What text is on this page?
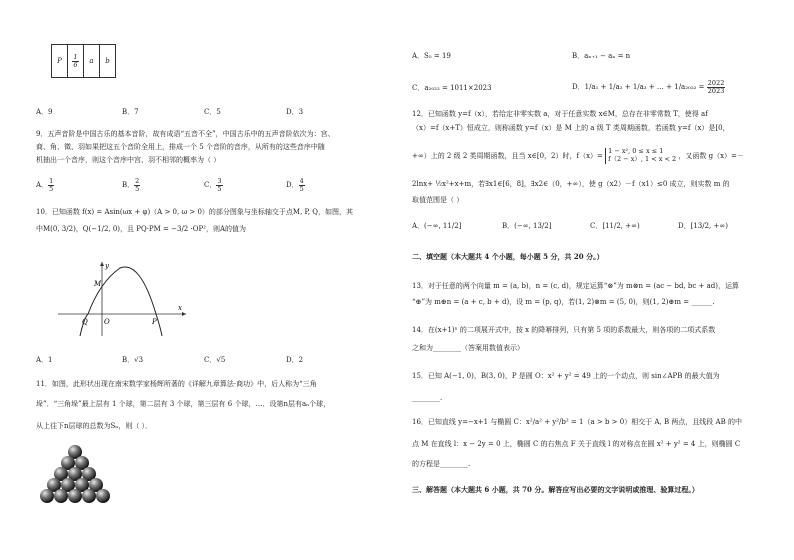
P	$\frac{1}{6}$	a	b
A．9	B．7	C．5	D．3
9．五声音阶是中国古乐的基本音阶，故有成语“五音不全”，中国古乐中的五声音阶依次为：宫、
商、角、徵、羽如果把这五个音阶全用上，排成一个 5 个音阶的音序，从所有的这些音序中随
机抽出一个音序，则这个音序中宫、羽不相邻的概率为（ ）
A． $\frac{1}{5}$	B． $\frac{2}{5}$	C． $\frac{3}{5}$	D． $\frac{4}{5}$
10．已知函数 f(x) = Asin(ωx + φ)（A > 0, ω > 0）的部分图象与坐标轴交于点M, P, Q，如图，其
中M(0, 3/2)，Q(−1/2, 0)，且 PQ·PM = −3/2 ·OP²，则A的值为
y
x
M
Q O	P
A．1	B．√3	C．√5	D．2
11．如图，此形状出现在南宋数学家杨辉所著的《详解九章算法·商功》中，后人称为“三角
垛”．“三角垛”最上层有 1 个球，第二层有 3 个球，第三层有 6 个球，…．设第n层有aₙ个球，
从上往下n层球的总数为Sₙ，则（ ）．
A．S₅ = 19	B．aₙ₊₁ − aₙ = n
C．a₂₀₂₂ = 1011×2023	D．1/a₁ + 1/a₂ + 1/a₃ + … + $1/a_{2022} = \frac{2022}{2023}$
12．已知函数 y=f（x），若给定非零实数 a，对于任意实数 x∈M，总存在非零常数 T，使得 af
（x）=f（x+T）恒成立，则称函数 y=f（x）是 M 上的 a 级 T 类周期函数，若函数 y=f（x）是[0，
+∞）上的 2 级 2 类周期函数，且当 x∈[0，2）时，f（x）=
1 − x², 0 ≤ x ≤ 1
f（2 − x）, 1 < x < 2 ，又函数 g（x）=－
2lnx+ ½x²+x+m，若∃x1∈[6，8]，∃x2∈（0，+∞），使 g（x2）－f（x1）≤0 成立，则实数 m 的
取值范围是（ ）
A．(−∞, 11/2]	B．(−∞, 13/2]	C．[11/2, +∞)	D．[13/2, +∞)
二、填空题（本大题共 4 个小题，每小题 5 分，共 20 分。）
13．对于任意的两个向量 m = (a, b)，n = (c, d)，规定运算“⊗”为 m⊗n = (ac − bd, bc + ad)，运算
“⊕”为 m⊕n = (a + c, b + d)，设 m = (p, q)，若(1, 2)⊗m = (5, 0)，则(1, 2)⊕m = ______.
14．在(x+1)ⁿ 的二项展开式中，按 x 的降幂排列，只有第 5 项的系数最大，则各项的二项式系数
之和为________（答案用数值表示）
15．已知 A(−1, 0)，B(3, 0)，P 是圆 O：x² + y² = 49 上的一个动点，则 sin∠APB 的最大值为
________.
16．已知直线 y=−x+1 与椭圆 C：x²/a² + y²/b² = 1（a > b > 0）相交于 A, B 两点，且线段 AB 的中
点 M 在直线 l：x − 2y = 0 上，椭圆 C 的右焦点 F 关于直线 l 的对称点在圆 x² + y² = 4 上，则椭圆 C
的方程是________.
三、解答题（本大题共 6 小题，共 70 分。解答应写出必要的文字说明或推理、验算过程。）
